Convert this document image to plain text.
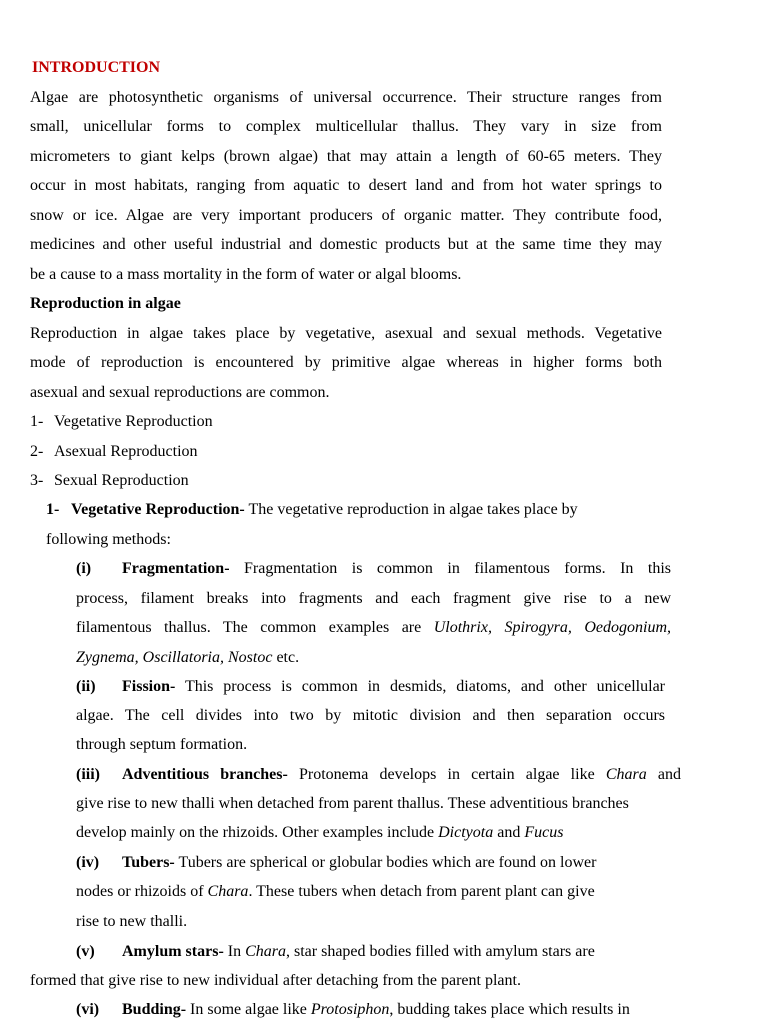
INTRODUCTION
Algae are photosynthetic organisms of universal occurrence. Their structure ranges from
small, unicellular forms to complex multicellular thallus. They vary in size from
micrometers to giant kelps (brown algae) that may attain a length of 60-65 meters. They
occur in most habitats, ranging from aquatic to desert land and from hot water springs to
snow or ice. Algae are very important producers of organic matter. They contribute food,
medicines and other useful industrial and domestic products but at the same time they may
be a cause to a mass mortality in the form of water or algal blooms.
Reproduction in algae
Reproduction in algae takes place by vegetative, asexual and sexual methods. Vegetative
mode of reproduction is encountered by primitive algae whereas in higher forms both
asexual and sexual reproductions are common.
1- Vegetative Reproduction
2- Asexual Reproduction
3- Sexual Reproduction
1- Vegetative Reproduction- The vegetative reproduction in algae takes place by
following methods:
(i) Fragmentation- Fragmentation is common in filamentous forms. In this
process, filament breaks into fragments and each fragment give rise to a new
filamentous thallus. The common examples are Ulothrix, Spirogyra, Oedogonium,
Zygnema, Oscillatoria, Nostoc etc.
(ii) Fission- This process is common in desmids, diatoms, and other unicellular
algae. The cell divides into two by mitotic division and then separation occurs
through septum formation.
(iii) Adventitious branches- Protonema develops in certain algae like Chara and
give rise to new thalli when detached from parent thallus. These adventitious branches
develop mainly on the rhizoids. Other examples include Dictyota and Fucus
(iv) Tubers- Tubers are spherical or globular bodies which are found on lower
nodes or rhizoids of Chara. These tubers when detach from parent plant can give
rise to new thalli.
(v) Amylum stars- In Chara, star shaped bodies filled with amylum stars are
formed that give rise to new individual after detaching from the parent plant.
(vi) Budding- In some algae like Protosiphon, budding takes place which results in
